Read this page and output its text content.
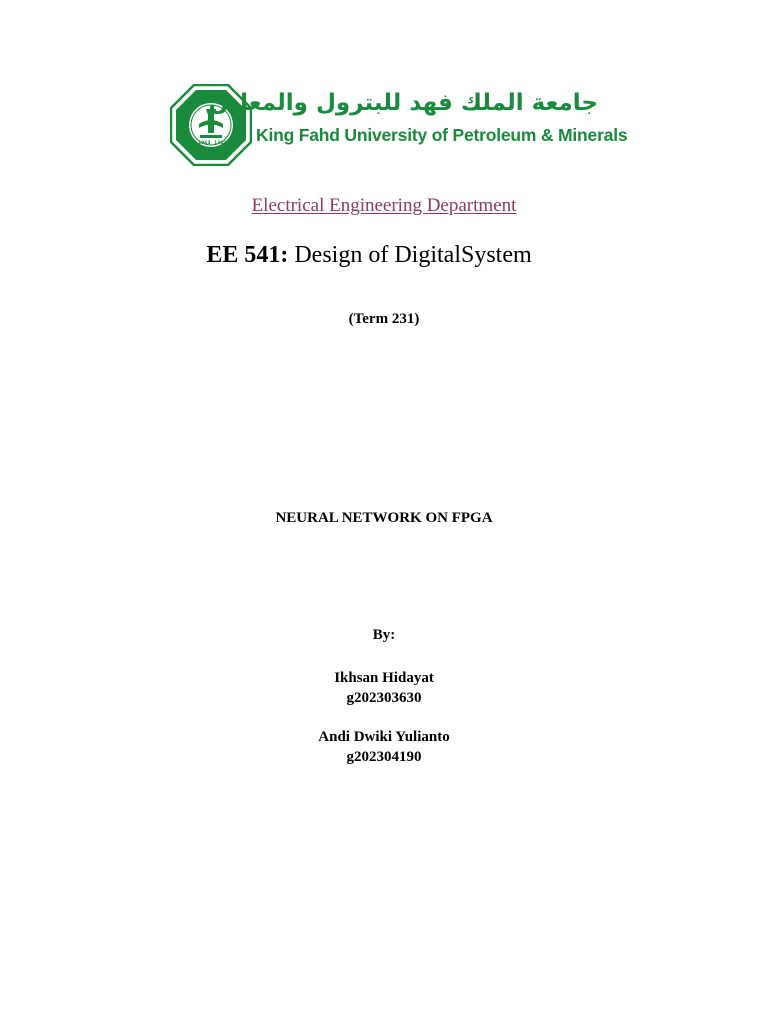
1963 1383
جامعة الملك فهد للبترول والمعادن
King Fahd University of Petroleum & Minerals
Electrical Engineering Department
EE 541: Design of DigitalSystem
(Term 231)
NEURAL NETWORK ON FPGA
By:
Ikhsan Hidayat
g202303630
Andi Dwiki Yulianto
g202304190
